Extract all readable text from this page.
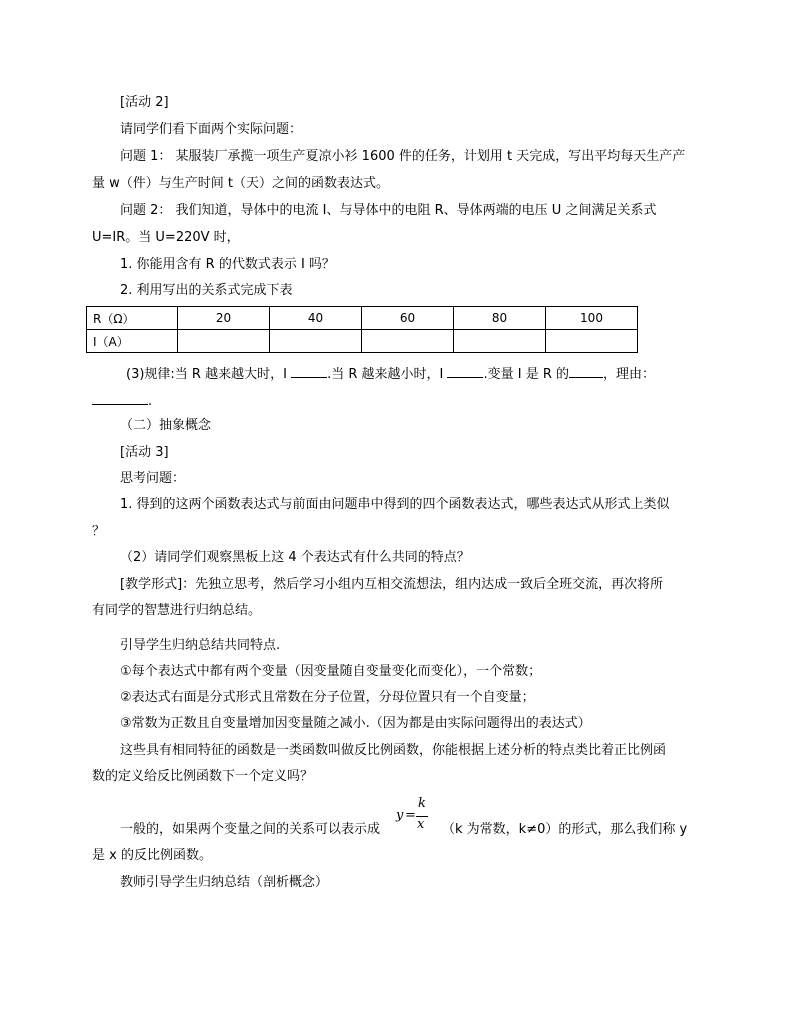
[活动 2]
请同学们看下面两个实际问题：
问题 1： 某服装厂承揽一项生产夏凉小衫 1600 件的任务，计划用 t 天完成，写出平均每天生产产
量 w（件）与生产时间 t（天）之间的函数表达式。
问题 2： 我们知道，导体中的电流 I、与导体中的电阻 R、导体两端的电压 U 之间满足关系式
U=IR。当 U=220V 时，
1. 你能用含有 R 的代数式表示 I 吗？
2. 利用写出的关系式完成下表
R（Ω）	20	40	60	80	100
I（A）					
(3)规律:当 R 越来越大时，I	.当 R 越来越小时，I	.变量 I 是 R 的	，理由：
.
（二）抽象概念
[活动 3]
思考问题：
1. 得到的这两个函数表达式与前面由问题串中得到的四个函数表达式，哪些表达式从形式上类似
？
（2）请同学们观察黑板上这 4 个表达式有什么共同的特点？
[教学形式]：先独立思考，然后学习小组内互相交流想法，组内达成一致后全班交流，再次将所
有同学的智慧进行归纳总结。
引导学生归纳总结共同特点.
①每个表达式中都有两个变量（因变量随自变量变化而变化），一个常数；
②表达式右面是分式形式且常数在分子位置，分母位置只有一个自变量；
③常数为正数且自变量增加因变量随之减小.（因为都是由实际问题得出的表达式）
这些具有相同特征的函数是一类函数叫做反比例函数，你能根据上述分析的特点类比着正比例函
数的定义给反比例函数下一个定义吗？
y =
k
x
一般的，如果两个变量之间的关系可以表示成	（k 为常数，k≠0）的形式，那么我们称 y
是 x 的反比例函数。
教师引导学生归纳总结（剖析概念）
